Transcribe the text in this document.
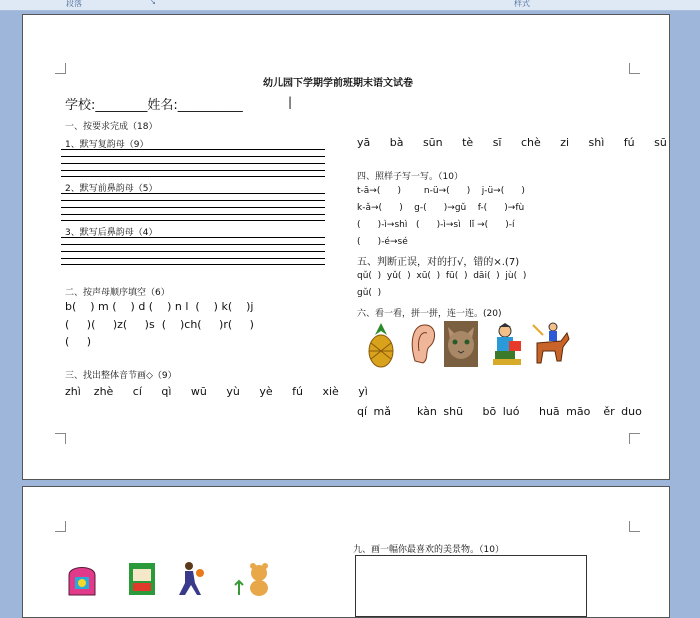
段落	↘	样式
幼儿园下学期学前班期末语文试卷
学校:________姓名:__________	|
一、按要求完成（18）
1、默写复韵母（9）
2、默写前鼻韵母（5）
3、默写后鼻韵母（4）
二、按声母顺序填空（6）
b(    ) m (    ) d (    ) n l  (    ) k(    )j
(     )(     )z(     )s  (    )ch(     )r(     )
(     )
三、找出整体音节画◇（9）
zhì  zhè   cí   qì   wū   yù   yè   fú   xiè   yì
yā   bà   sūn   tè   sī   chè   zi   shì   fú   sū
四、照样子写一写。（10）
t-ā→(      )        n-ü→(      )    j-ü→(      )
k-ǎ→(      )    g-(      )→gǔ    f-(      )→fù
(      )-ì→shì   (      )-ì→sì   lǐ →(      )-í
(      )-é→sé
五、判断正误，对的打√，错的×.(7)
qǔ(  )  yǔ(  )  xū(  )  fū(  )  dāi(  )  jù(  )
gǔ(  )
六、看一看，拼一拼，连一连。(20)
qí mǎ    kàn shū   bō luó   huā māo  ěr duo
九、画一幅你最喜欢的美景物。（10）
